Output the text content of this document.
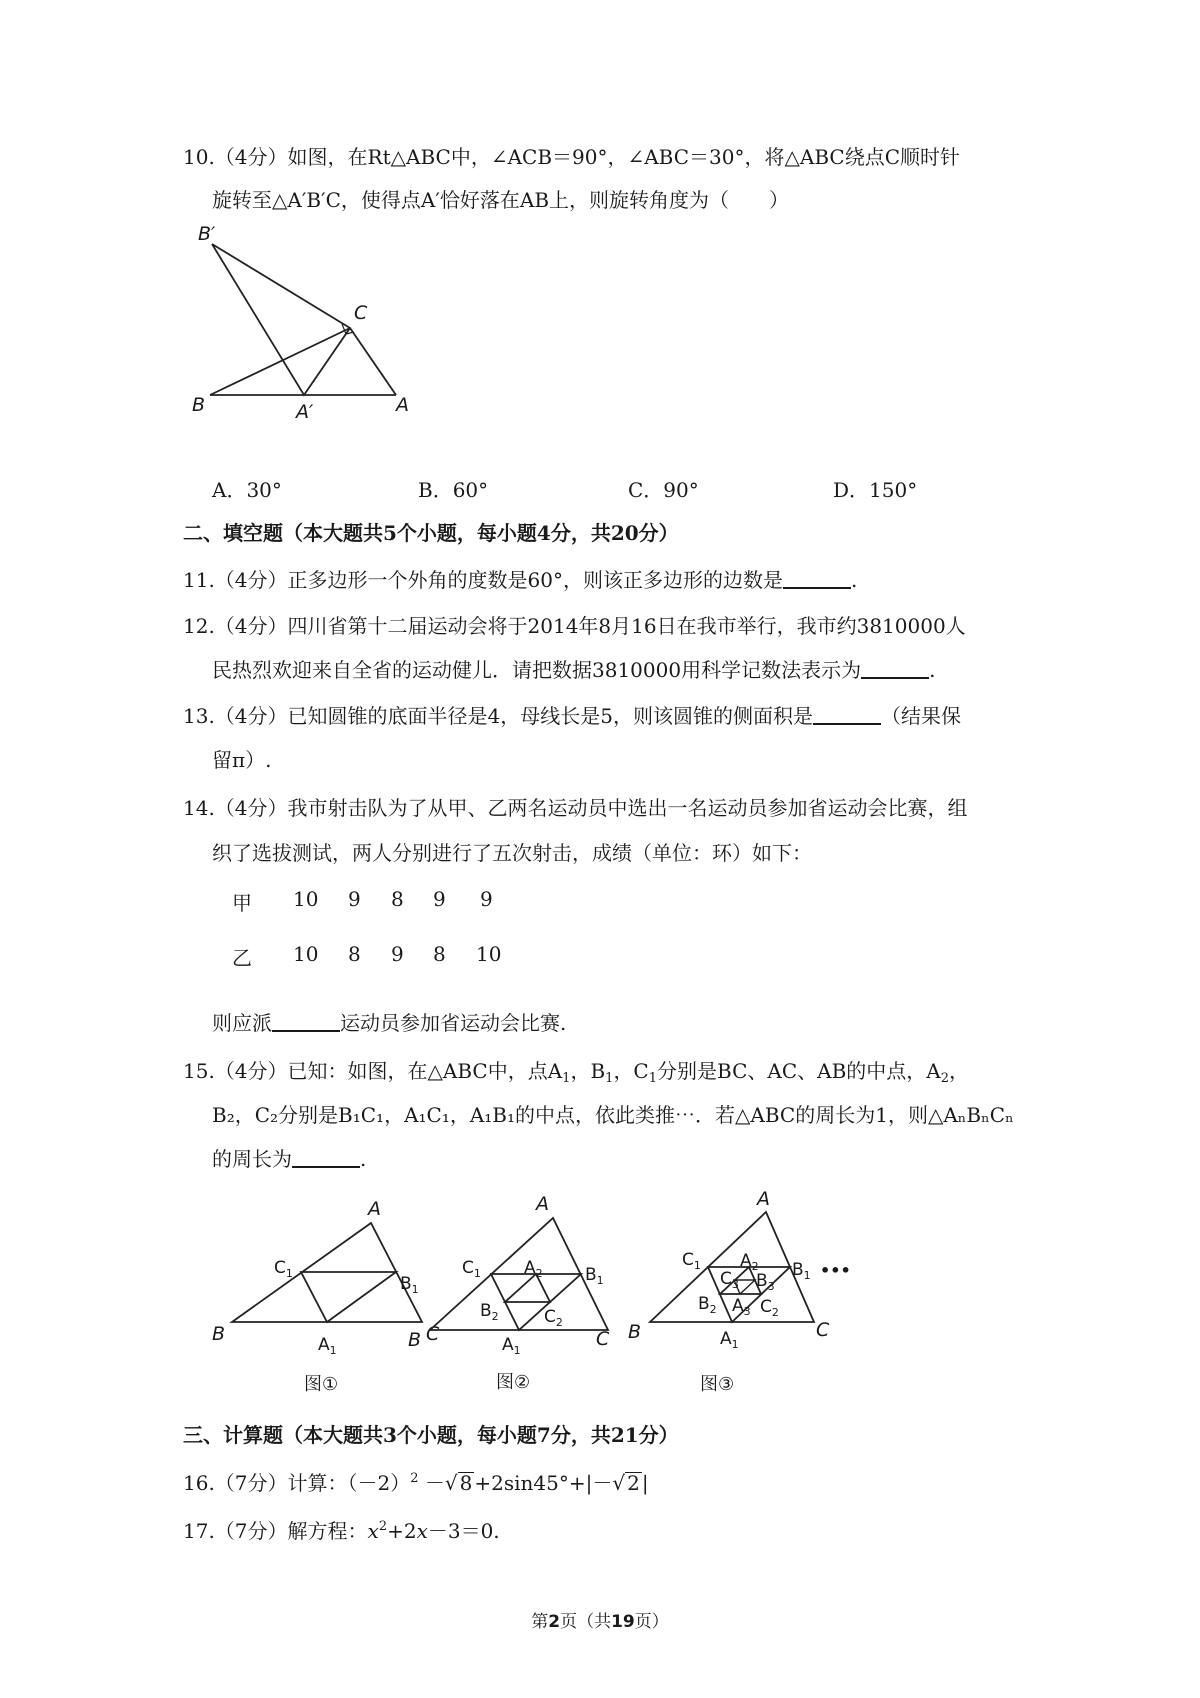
10.（4分）如图，在Rt△ABC中，∠ACB＝90°，∠ABC＝30°，将△ABC绕点C顺时针
旋转至△A′B′C，使得点A′恰好落在AB上，则旋转角度为（　　）
B′
C
B	A′	A
A．30°	B．60°	C．90°	D．150°
二、填空题（本大题共5个小题，每小题4分，共20分）
11.（4分）正多边形一个外角的度数是60°，则该正多边形的边数是	.
12.（4分）四川省第十二届运动会将于2014年8月16日在我市举行，我市约3810000人
民热烈欢迎来自全省的运动健儿．请把数据3810000用科学记数法表示为	.
13.（4分）已知圆锥的底面半径是4，母线长是5，则该圆锥的侧面积是	（结果保
留π）.
14.（4分）我市射击队为了从甲、乙两名运动员中选出一名运动员参加省运动会比赛，组
织了选拔测试，两人分别进行了五次射击，成绩（单位：环）如下：
甲 10 9 8 9 9
乙 10 8 9 8 10
则应派	运动员参加省运动会比赛.
15.（4分）已知：如图，在△ABC中，点$A_1$，$B_1$，$C_1$分别是BC、AC、AB的中点，$A_2$，
B₂，C₂分别是B₁C₁，A₁C₁，A₁B₁的中点，依此类推⋯．若△ABC的周长为1，则△AₙBₙCₙ
的周长为	.
A
B	C
$C_1$
$B_1$
$A_1$
图①
A
B	C
$C_1$	$A_2$ $B_1$
$B_2$	$C_2$
$A_1$
图②
A
B	C
$C_1$ $A_2$ $B_1$
$C_3$ $B_3$
$B_2$ $A_3$ $C_2$
$A_1$
•••
图③
三、计算题（本大题共3个小题，每小题7分，共21分）
16.（7分）计算：$(-2)^2$ －√ 8 +2sin45°+|－√ 2 |
17.（7分）解方程：$x^2+2x-3=0$.
第2页（共19页）
